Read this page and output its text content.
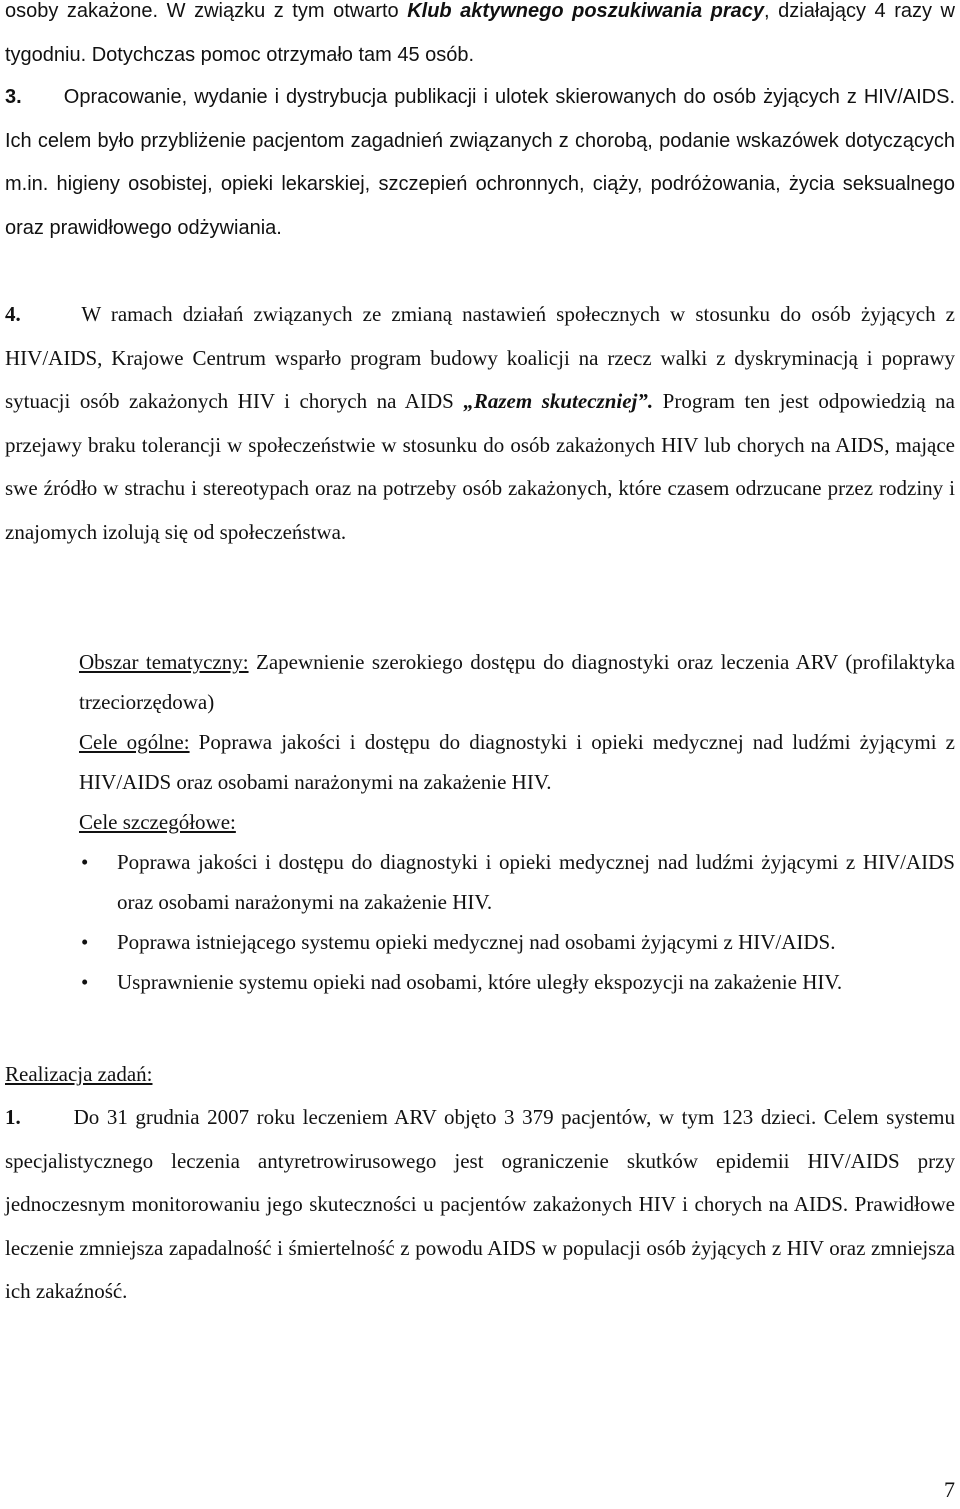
osoby zakażone. W związku z tym otwarto Klub aktywnego poszukiwania pracy, działający 4 razy w tygodniu. Dotychczas pomoc otrzymało tam 45 osób.

3. Opracowanie, wydanie i dystrybucja publikacji i ulotek skierowanych do osób żyjących z HIV/AIDS. Ich celem było przybliżenie pacjentom zagadnień związanych z chorobą, podanie wskazówek dotyczących m.in. higieny osobistej, opieki lekarskiej, szczepień ochronnych, ciąży, podróżowania, życia seksualnego oraz prawidłowego odżywiania.

4.	W ramach działań związanych ze zmianą nastawień społecznych w stosunku do osób żyjących z HIV/AIDS, Krajowe Centrum wsparło program budowy koalicji na rzecz walki z dyskryminacją i poprawy sytuacji osób zakażonych HIV i chorych na AIDS „Razem skuteczniej”. Program ten jest odpowiedzią na przejawy braku tolerancji w społeczeństwie w stosunku do osób zakażonych HIV lub chorych na AIDS, mające swe źródło w strachu i stereotypach oraz na potrzeby osób zakażonych, które czasem odrzucane przez rodziny i znajomych izolują się od społeczeństwa.

Obszar tematyczny: Zapewnienie szerokiego dostępu do diagnostyki oraz leczenia ARV (profilaktyka trzeciorzędowa)

Cele ogólne: Poprawa jakości i dostępu do diagnostyki i opieki medycznej nad ludźmi żyjącymi z HIV/AIDS oraz osobami narażonymi na zakażenie HIV.

Cele szczegółowe:

• Poprawa jakości i dostępu do diagnostyki i opieki medycznej nad ludźmi żyjącymi z HIV/AIDS oraz osobami narażonymi na zakażenie HIV.
• Poprawa istniejącego systemu opieki medycznej nad osobami żyjącymi z HIV/AIDS.
• Usprawnienie systemu opieki nad osobami, które uległy ekspozycji na zakażenie HIV.

Realizacja zadań:

1.	Do 31 grudnia 2007 roku leczeniem ARV objęto 3 379 pacjentów, w tym 123 dzieci. Celem systemu specjalistycznego leczenia antyretrowirusowego jest ograniczenie skutków epidemii HIV/AIDS przy jednoczesnym monitorowaniu jego skuteczności u pacjentów zakażonych HIV i chorych na AIDS. Prawidłowe leczenie zmniejsza zapadalność i śmiertelność z powodu AIDS w populacji osób żyjących z HIV oraz zmniejsza ich zakaźność.

7
